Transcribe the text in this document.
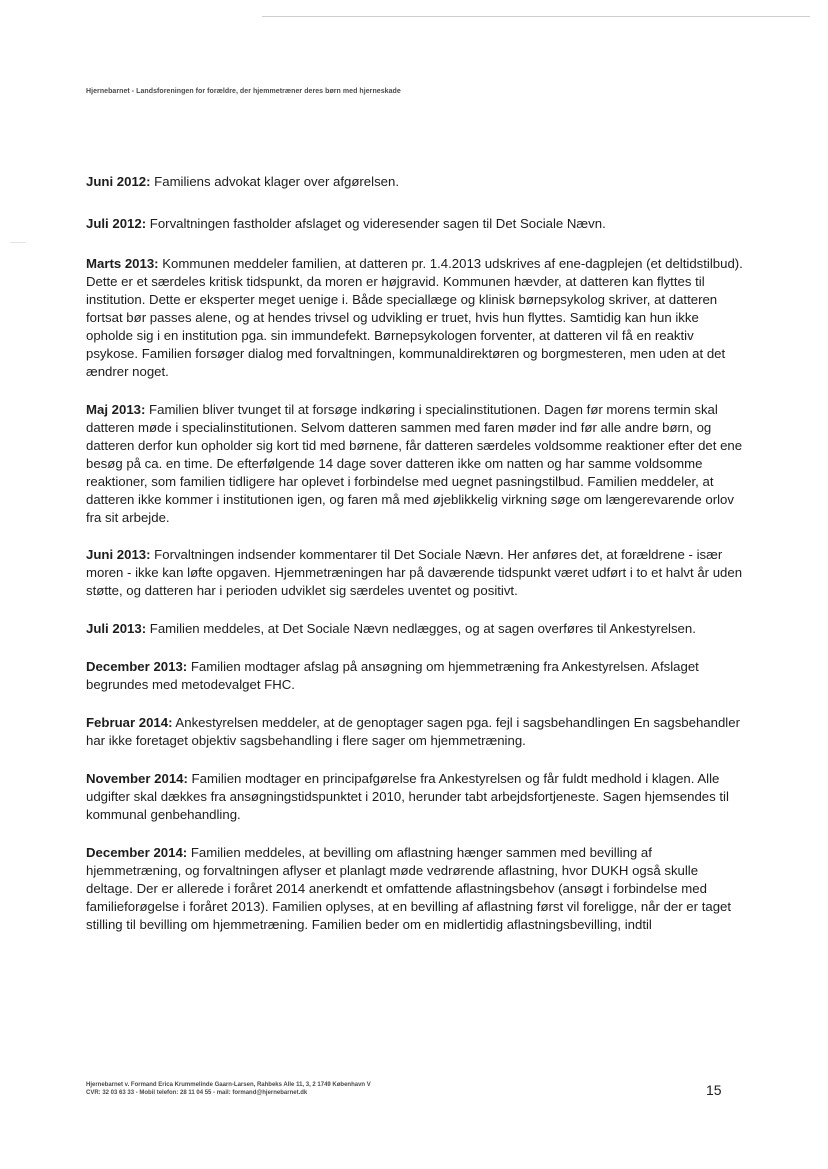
Hjernebarnet - Landsforeningen for forældre, der hjemmetræner deres børn med hjerneskade

Juni 2012: Familiens advokat klager over afgørelsen.

Juli 2012: Forvaltningen fastholder afslaget og videresender sagen til Det Sociale Nævn.

Marts 2013: Kommunen meddeler familien, at datteren pr. 1.4.2013 udskrives af ene-dagplejen (et deltidstilbud). Dette er et særdeles kritisk tidspunkt, da moren er højgravid. Kommunen hævder, at datteren kan flyttes til institution. Dette er eksperter meget uenige i. Både speciallæge og klinisk børnepsykolog skriver, at datteren fortsat bør passes alene, og at hendes trivsel og udvikling er truet, hvis hun flyttes. Samtidig kan hun ikke opholde sig i en institution pga. sin immundefekt. Børnepsykologen forventer, at datteren vil få en reaktiv psykose. Familien forsøger dialog med forvaltningen, kommunaldirektøren og borgmesteren, men uden at det ændrer noget.

Maj 2013: Familien bliver tvunget til at forsøge indkøring i specialinstitutionen. Dagen før morens termin skal datteren møde i specialinstitutionen. Selvom datteren sammen med faren møder ind før alle andre børn, og datteren derfor kun opholder sig kort tid med børnene, får datteren særdeles voldsomme reaktioner efter det ene besøg på ca. en time. De efterfølgende 14 dage sover datteren ikke om natten og har samme voldsomme reaktioner, som familien tidligere har oplevet i forbindelse med uegnet pasningstilbud. Familien meddeler, at datteren ikke kommer i institutionen igen, og faren må med øjeblikkelig virkning søge om længerevarende orlov fra sit arbejde.

Juni 2013: Forvaltningen indsender kommentarer til Det Sociale Nævn. Her anføres det, at forældrene - især moren - ikke kan løfte opgaven. Hjemmetræningen har på daværende tidspunkt været udført i to et halvt år uden støtte, og datteren har i perioden udviklet sig særdeles uventet og positivt.

Juli 2013: Familien meddeles, at Det Sociale Nævn nedlægges, og at sagen overføres til Ankestyrelsen.

December 2013: Familien modtager afslag på ansøgning om hjemmetræning fra Ankestyrelsen. Afslaget begrundes med metodevalget FHC.

Februar 2014: Ankestyrelsen meddeler, at de genoptager sagen pga. fejl i sagsbehandlingen En sagsbehandler har ikke foretaget objektiv sagsbehandling i flere sager om hjemmetræning.

November 2014: Familien modtager en principafgørelse fra Ankestyrelsen og får fuldt medhold i klagen. Alle udgifter skal dækkes fra ansøgningstidspunktet i 2010, herunder tabt arbejdsfortjeneste. Sagen hjemsendes til kommunal genbehandling.

December 2014: Familien meddeles, at bevilling om aflastning hænger sammen med bevilling af hjemmetræning, og forvaltningen aflyser et planlagt møde vedrørende aflastning, hvor DUKH også skulle deltage. Der er allerede i foråret 2014 anerkendt et omfattende aflastningsbehov (ansøgt i forbindelse med familieforøgelse i foråret 2013). Familien oplyses, at en bevilling af aflastning først vil foreligge, når der er taget stilling til bevilling om hjemmetræning. Familien beder om en midlertidig aflastningsbevilling, indtil

Hjernebarnet v. Formand Erica Krummelinde Gaarn-Larsen, Rahbeks Alle 11, 3, 2 1749 København V
CVR: 32 03 63 33 - Mobil telefon: 28 11 04 55 - mail: formand@hjernebarnet.dk	15
